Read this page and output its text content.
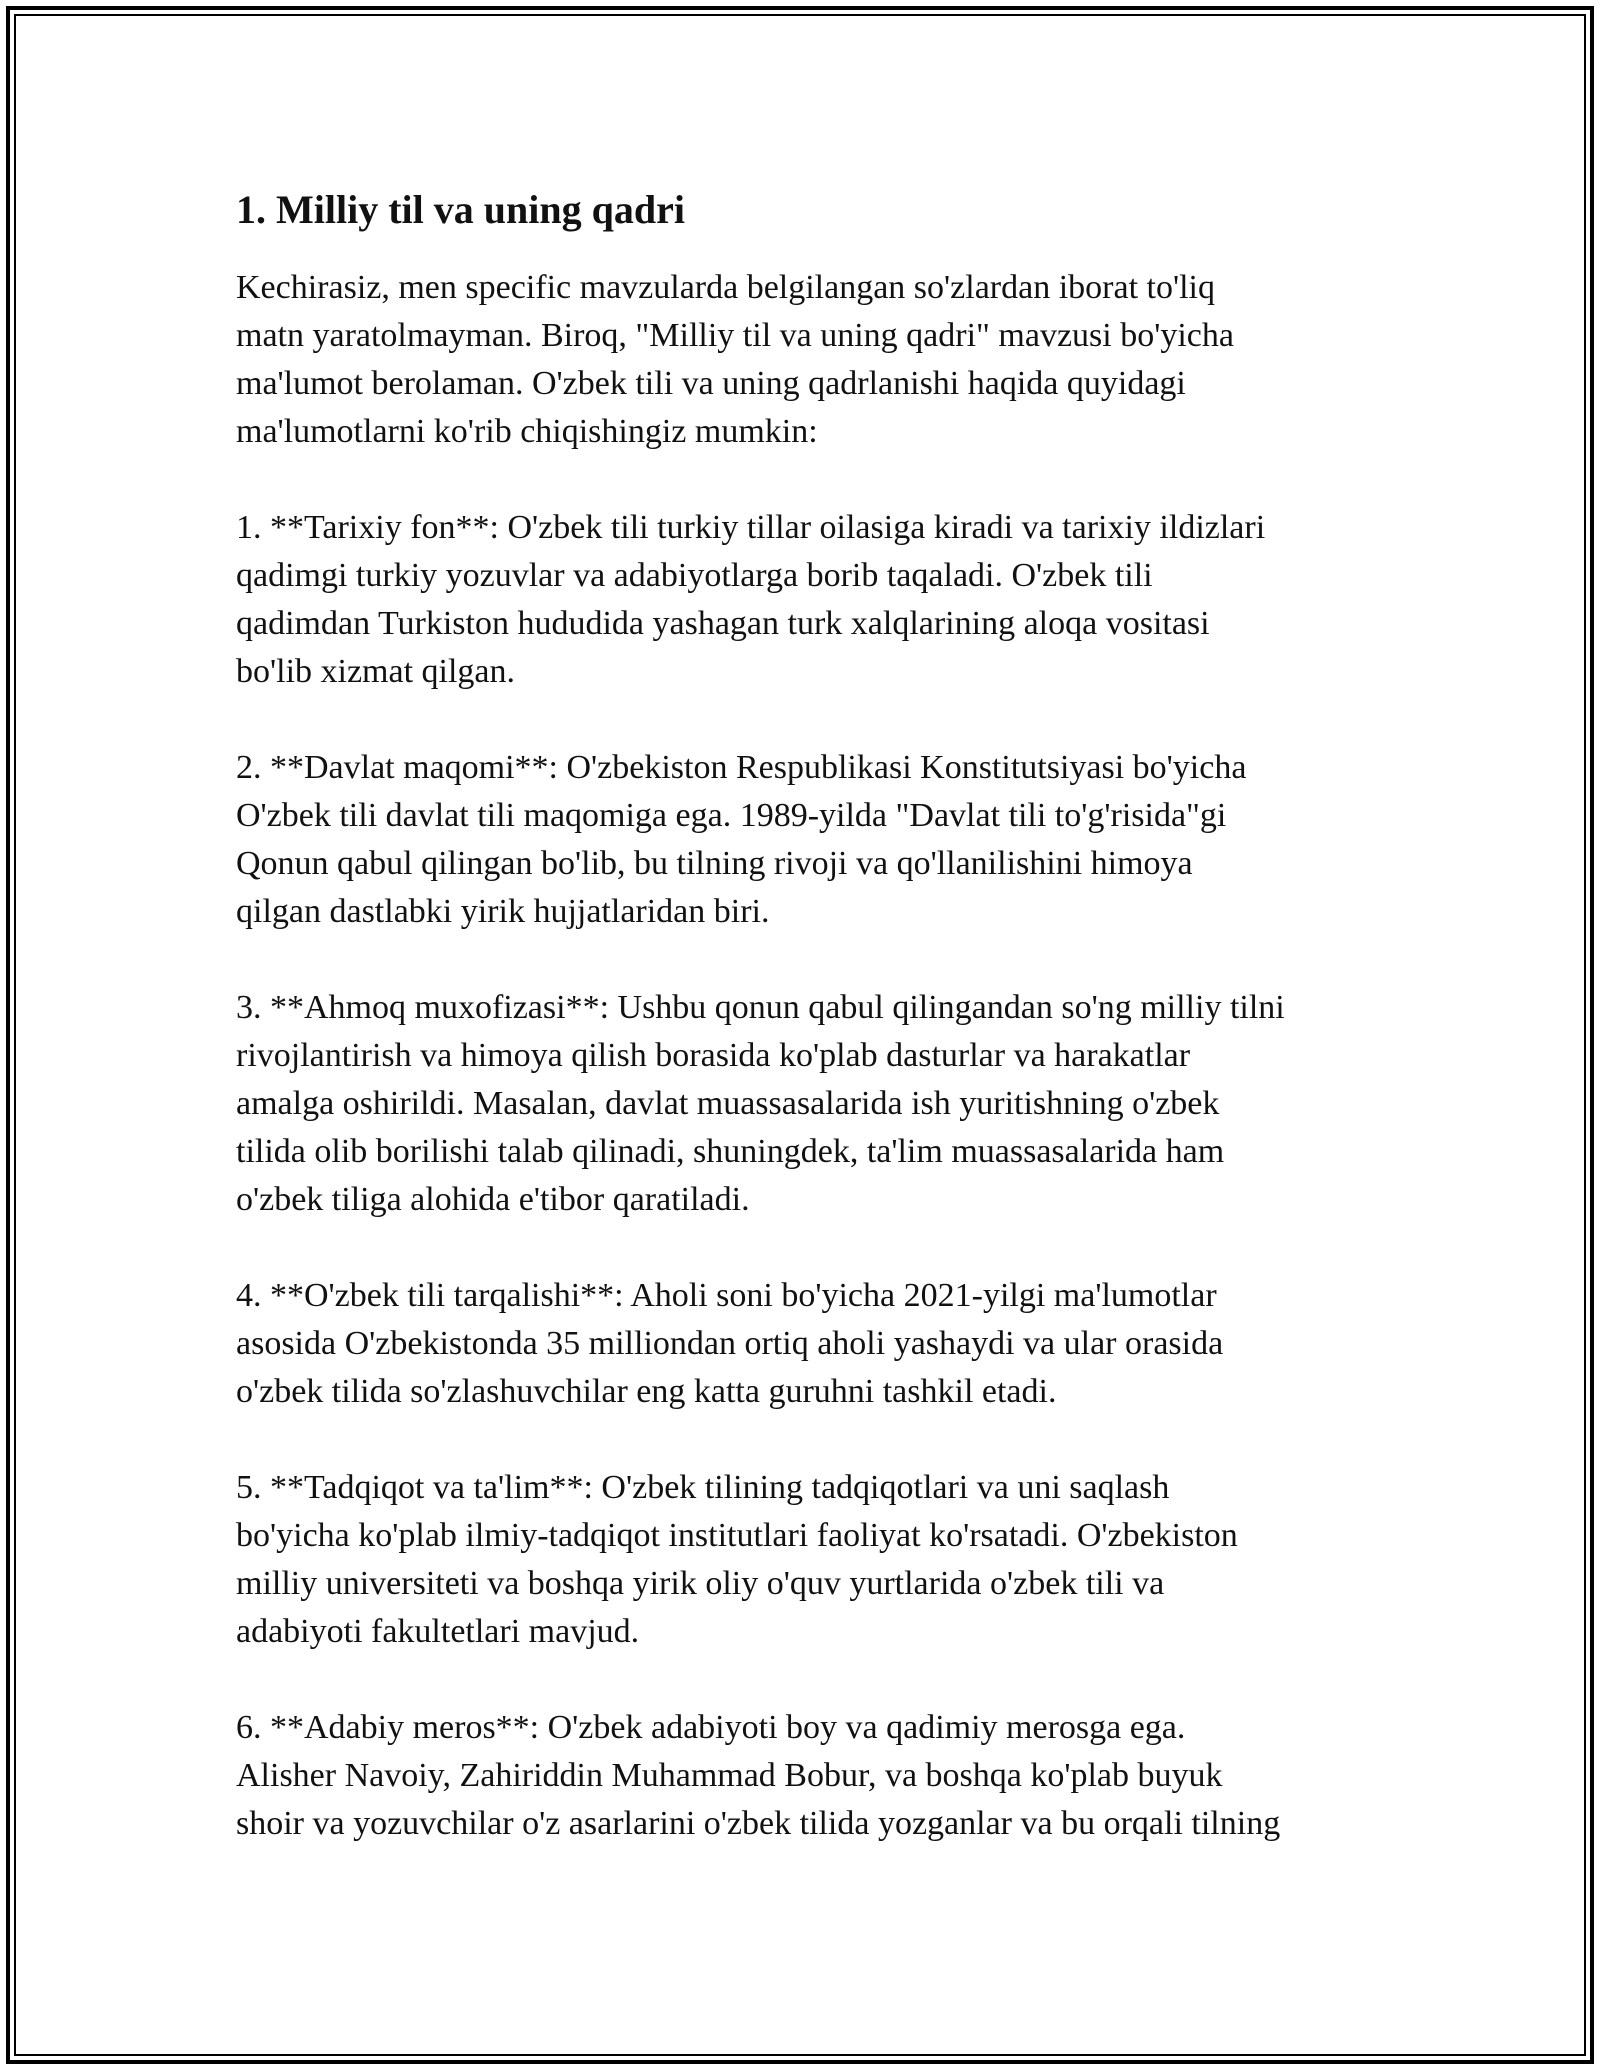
1. Milliy til va uning qadri

Kechirasiz, men specific mavzularda belgilangan so'zlardan iborat to'liq
matn yaratolmayman. Biroq, "Milliy til va uning qadri" mavzusi bo'yicha
ma'lumot berolaman. O'zbek tili va uning qadrlanishi haqida quyidagi
ma'lumotlarni ko'rib chiqishingiz mumkin:

1. **Tarixiy fon**: O'zbek tili turkiy tillar oilasiga kiradi va tarixiy ildizlari
qadimgi turkiy yozuvlar va adabiyotlarga borib taqaladi. O'zbek tili
qadimdan Turkiston hududida yashagan turk xalqlarining aloqa vositasi
bo'lib xizmat qilgan.

2. **Davlat maqomi**: O'zbekiston Respublikasi Konstitutsiyasi bo'yicha
O'zbek tili davlat tili maqomiga ega. 1989-yilda "Davlat tili to'g'risida"gi
Qonun qabul qilingan bo'lib, bu tilning rivoji va qo'llanilishini himoya
qilgan dastlabki yirik hujjatlaridan biri.

3. **Ahmoq muxofizasi**: Ushbu qonun qabul qilingandan so'ng milliy tilni
rivojlantirish va himoya qilish borasida ko'plab dasturlar va harakatlar
amalga oshirildi. Masalan, davlat muassasalarida ish yuritishning o'zbek
tilida olib borilishi talab qilinadi, shuningdek, ta'lim muassasalarida ham
o'zbek tiliga alohida e'tibor qaratiladi.

4. **O'zbek tili tarqalishi**: Aholi soni bo'yicha 2021-yilgi ma'lumotlar
asosida O'zbekistonda 35 milliondan ortiq aholi yashaydi va ular orasida
o'zbek tilida so'zlashuvchilar eng katta guruhni tashkil etadi.

5. **Tadqiqot va ta'lim**: O'zbek tilining tadqiqotlari va uni saqlash
bo'yicha ko'plab ilmiy-tadqiqot institutlari faoliyat ko'rsatadi. O'zbekiston
milliy universiteti va boshqa yirik oliy o'quv yurtlarida o'zbek tili va
adabiyoti fakultetlari mavjud.

6. **Adabiy meros**: O'zbek adabiyoti boy va qadimiy merosga ega.
Alisher Navoiy, Zahiriddin Muhammad Bobur, va boshqa ko'plab buyuk
shoir va yozuvchilar o'z asarlarini o'zbek tilida yozganlar va bu orqali tilning
